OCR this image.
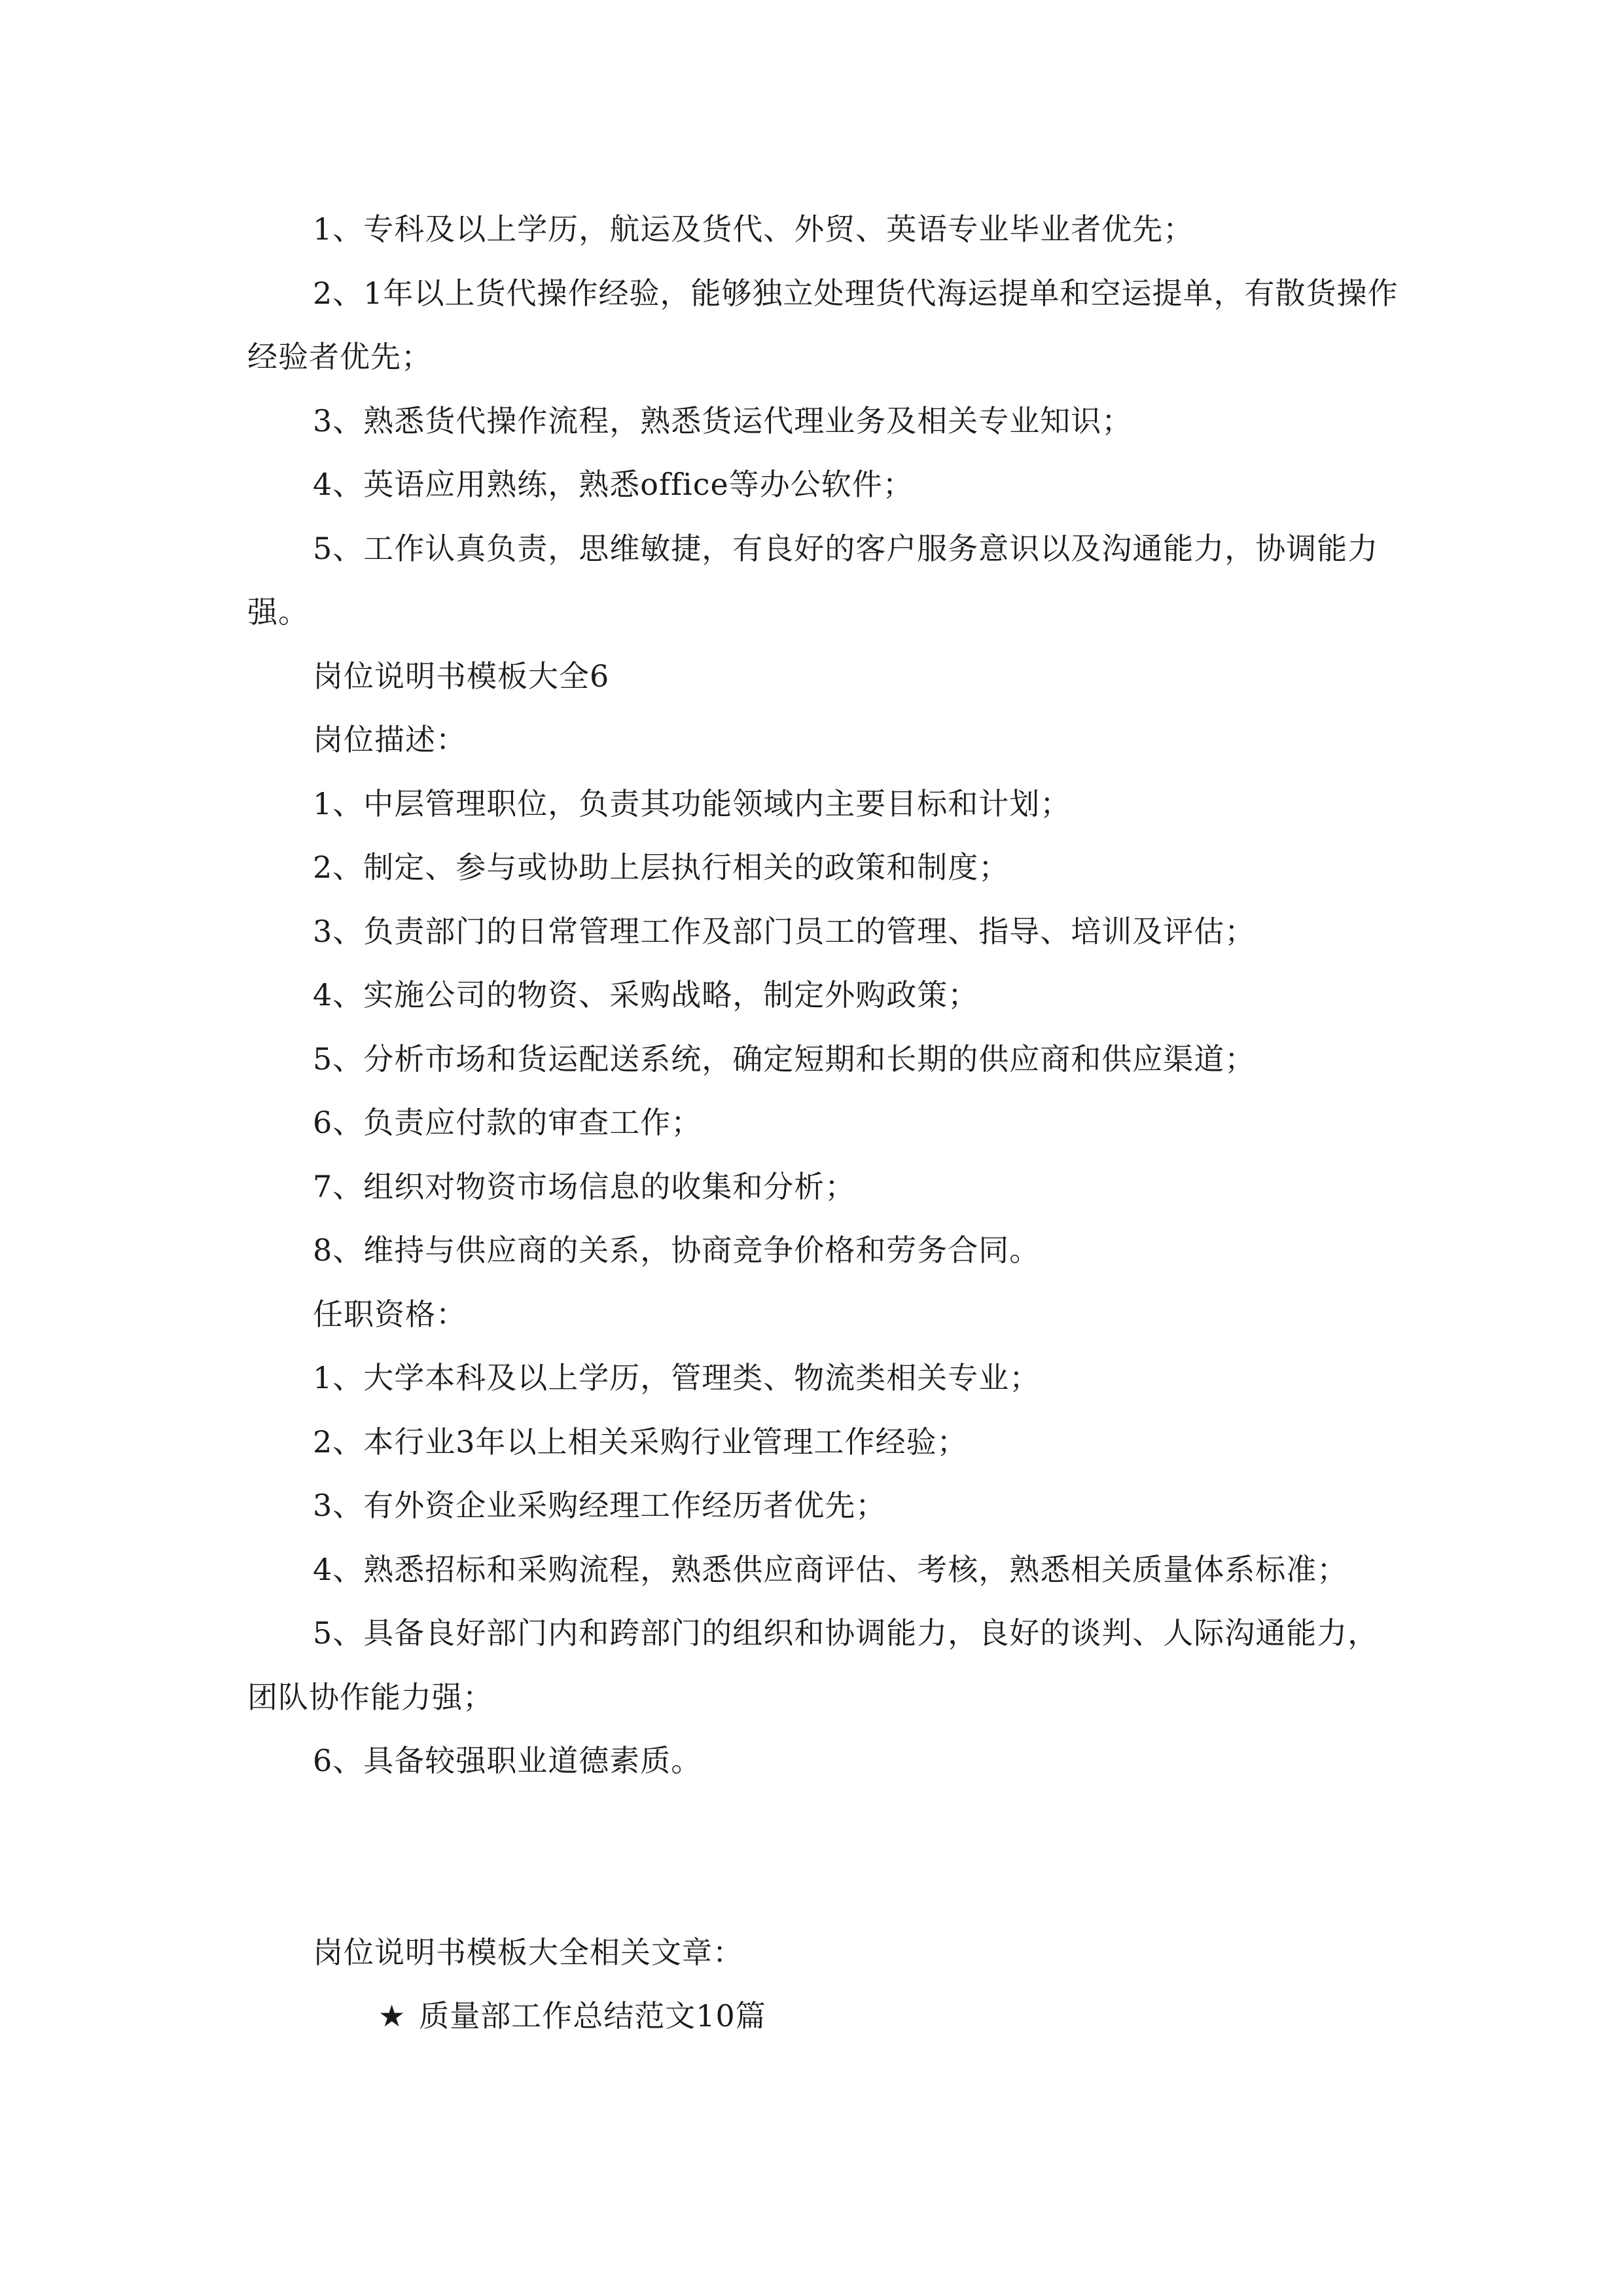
1、专科及以上学历，航运及货代、外贸、英语专业毕业者优先；

2、1年以上货代操作经验，能够独立处理货代海运提单和空运提单，有散货操作经验者优先；

3、熟悉货代操作流程，熟悉货运代理业务及相关专业知识；

4、英语应用熟练，熟悉office等办公软件；

5、工作认真负责，思维敏捷，有良好的客户服务意识以及沟通能力，协调能力强。

岗位说明书模板大全6

岗位描述：

1、中层管理职位，负责其功能领域内主要目标和计划；

2、制定、参与或协助上层执行相关的政策和制度；

3、负责部门的日常管理工作及部门员工的管理、指导、培训及评估；

4、实施公司的物资、采购战略，制定外购政策；

5、分析市场和货运配送系统，确定短期和长期的供应商和供应渠道；

6、负责应付款的审查工作；

7、组织对物资市场信息的收集和分析；

8、维持与供应商的关系，协商竞争价格和劳务合同。

任职资格：

1、大学本科及以上学历，管理类、物流类相关专业；

2、本行业3年以上相关采购行业管理工作经验；

3、有外资企业采购经理工作经历者优先；

4、熟悉招标和采购流程，熟悉供应商评估、考核，熟悉相关质量体系标准；

5、具备良好部门内和跨部门的组织和协调能力，良好的谈判、人际沟通能力，团队协作能力强；

6、具备较强职业道德素质。

岗位说明书模板大全相关文章：

★ 质量部工作总结范文10篇
